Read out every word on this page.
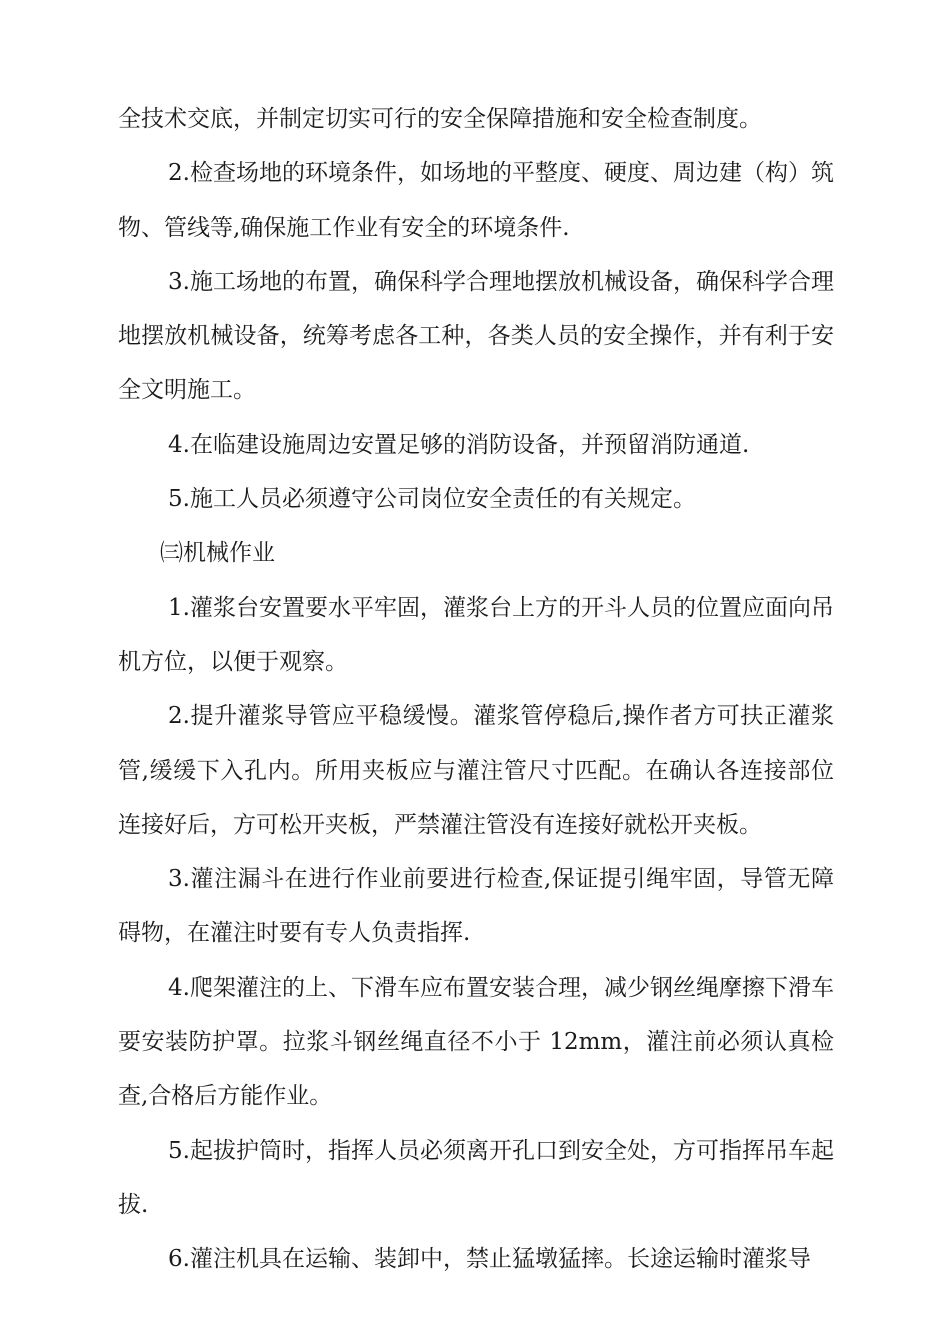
全技术交底，并制定切实可行的安全保障措施和安全检查制度。

2.检查场地的环境条件，如场地的平整度、硬度、周边建（构）筑物、管线等,确保施工作业有安全的环境条件.

3.施工场地的布置，确保科学合理地摆放机械设备，确保科学合理地摆放机械设备，统筹考虑各工种，各类人员的安全操作，并有利于安全文明施工。

4.在临建设施周边安置足够的消防设备，并预留消防通道.

5.施工人员必须遵守公司岗位安全责任的有关规定。

㈢机械作业

1.灌浆台安置要水平牢固，灌浆台上方的开斗人员的位置应面向吊机方位，以便于观察。

2.提升灌浆导管应平稳缓慢。灌浆管停稳后,操作者方可扶正灌浆管,缓缓下入孔内。所用夹板应与灌注管尺寸匹配。在确认各连接部位连接好后，方可松开夹板，严禁灌注管没有连接好就松开夹板。

3.灌注漏斗在进行作业前要进行检查,保证提引绳牢固，导管无障碍物，在灌注时要有专人负责指挥.

4.爬架灌注的上、下滑车应布置安装合理，减少钢丝绳摩擦下滑车要安装防护罩。拉浆斗钢丝绳直径不小于 12mm，灌注前必须认真检查,合格后方能作业。

5.起拔护筒时，指挥人员必须离开孔口到安全处，方可指挥吊车起拔.

6.灌注机具在运输、装卸中，禁止猛墩猛摔。长途运输时灌浆导
